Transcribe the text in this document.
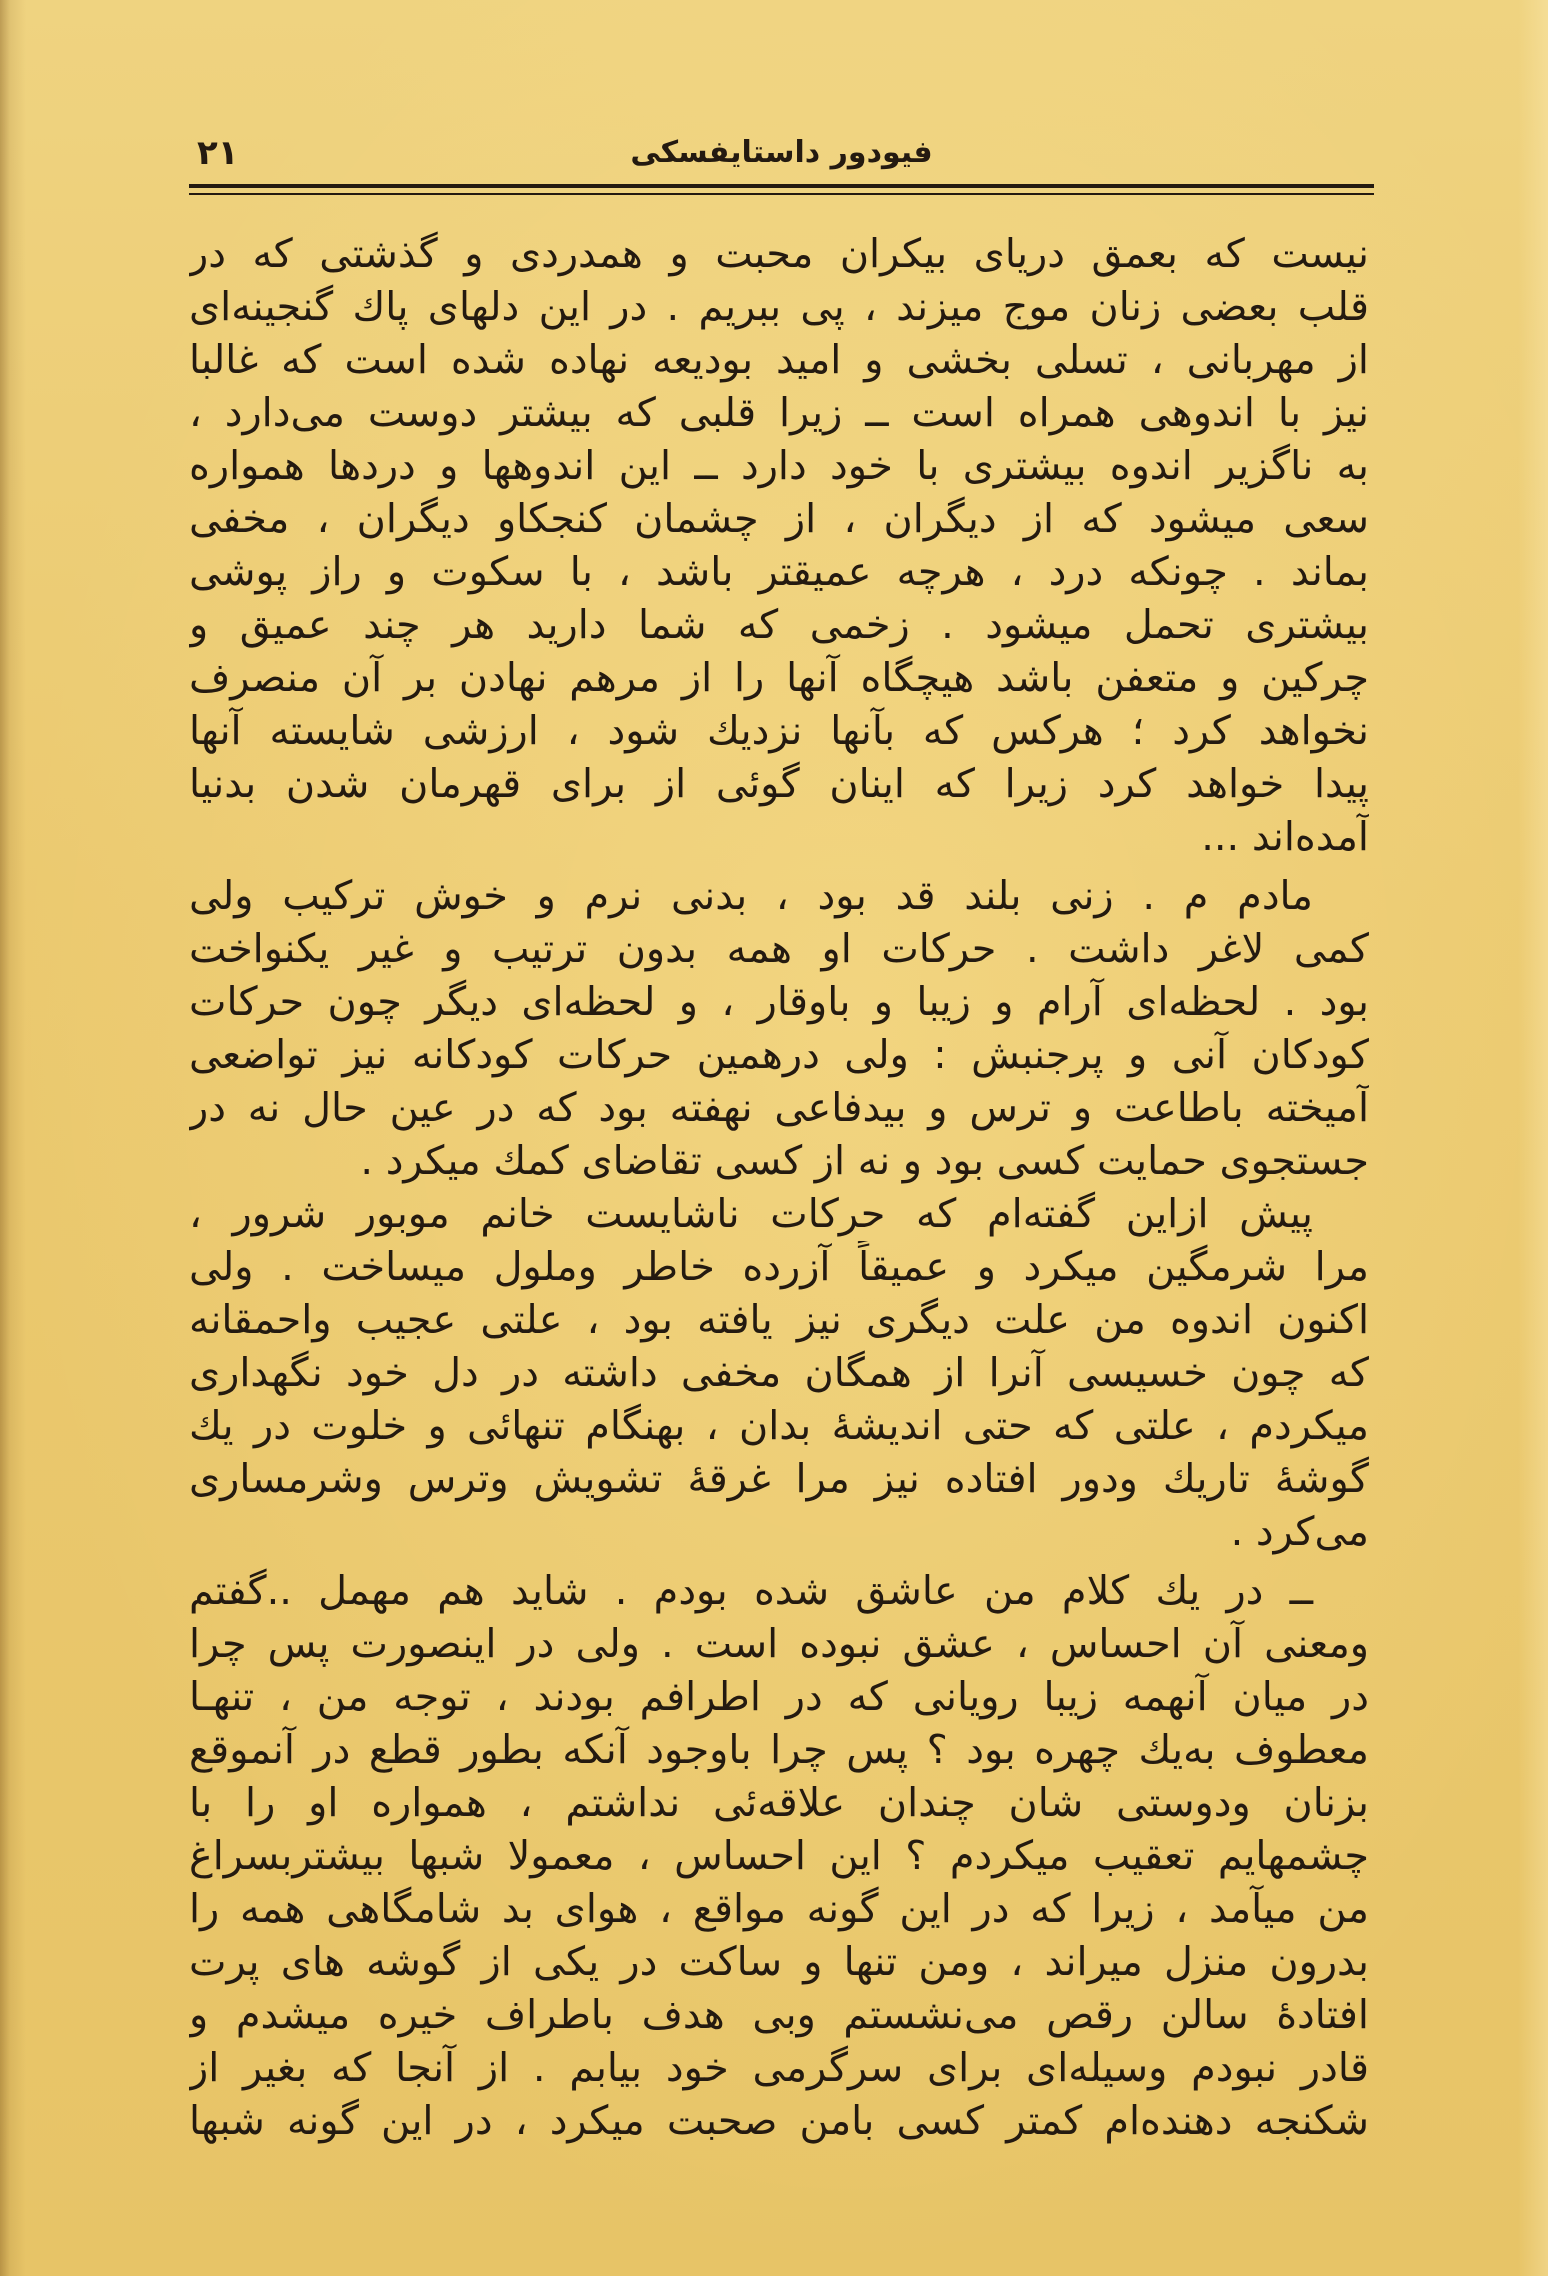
فیودور داستایفسکی
۲۱
نیست که بعمق دریای بیکران محبت و همدردی و گذشتی که در
قلب بعضی زنان موج میزند ، پی ببریم . در این دلهای پاك گنجینه‌ای
از مهربانی ، تسلی بخشی و امید بودیعه نهاده شده است که غالبا
نیز با اندوهی همراه است ــ زیرا قلبی که بیشتر دوست می‌دارد ،
به ناگزیر اندوه بیشتری با خود دارد ــ این اندوهها و دردها همواره
سعی میشود که از دیگران ، از چشمان کنجکاو دیگران ، مخفی
بماند . چونکه درد ، هرچه عمیقتر باشد ، با سکوت و راز پوشی
بیشتری تحمل میشود . زخمی که شما دارید هر چند عمیق و
چرکین و متعفن باشد هیچگاه آنها را از مرهم نهادن بر آن منصرف
نخواهد کرد ؛ هرکس که بآنها نزدیك شود ، ارزشی شایسته آنها
پیدا خواهد کرد زیرا که اینان گوئی از برای قهرمان شدن بدنیا
آمده‌اند ...
مادم م . زنی بلند قد بود ، بدنی نرم و خوش ترکیب ولی
کمی لاغر داشت . حرکات او همه بدون ترتیب و غیر یکنواخت
بود . لحظه‌ای آرام و زیبا و باوقار ، و لحظه‌ای دیگر چون حرکات
کودکان آنی و پرجنبش : ولی درهمین حرکات کودکانه نیز تواضعی
آمیخته باطاعت و ترس و بیدفاعی نهفته بود که در عین حال نه در
جستجوی حمایت کسی بود و نه از کسی تقاضای کمك میکرد .
پیش ازاین گفته‌ام که حرکات ناشایست خانم موبور شرور ،
مرا شرمگین میکرد و عمیقاً آزرده خاطر وملول میساخت . ولی
اکنون اندوه من علت دیگری نیز یافته بود ، علتی عجیب واحمقانه
که چون خسیسی آنرا از همگان مخفی داشته در دل خود نگهداری
میکردم ، علتی که حتی اندیشهٔ بدان ، بهنگام تنهائی و خلوت در یك
گوشهٔ تاریك ودور افتاده نیز مرا غرقهٔ تشویش وترس وشرمساری
می‌کرد .
ــ در یك کلام من عاشق شده بودم . شاید هم مهمل ..گفتم
ومعنی آن احساس ، عشق نبوده است . ولی در اینصورت پس چرا
در میان آنهمه زیبا رویانی که در اطرافم بودند ، توجه من ، تنهـا
معطوف به‌یك چهره بود ؟ پس چرا باوجود آنکه بطور قطع در آنموقع
بزنان ودوستی شان چندان علاقه‌ئی نداشتم ، همواره او را با
چشمهایم تعقیب میکردم ؟ این احساس ، معمولا شبها بیشتربسراغ
من میآمد ، زیرا که در این گونه مواقع ، هوای بد شامگاهی همه را
بدرون منزل میراند ، ومن تنها و ساکت در یکی از گوشه های پرت
افتادهٔ سالن رقص می‌نشستم وبی هدف باطراف خیره میشدم و
قادر نبودم وسیله‌ای برای سرگرمی خود بیابم . از آنجا که بغیر از
شکنجه دهنده‌ام کمتر کسی بامن صحبت میکرد ، در این گونه شبها
